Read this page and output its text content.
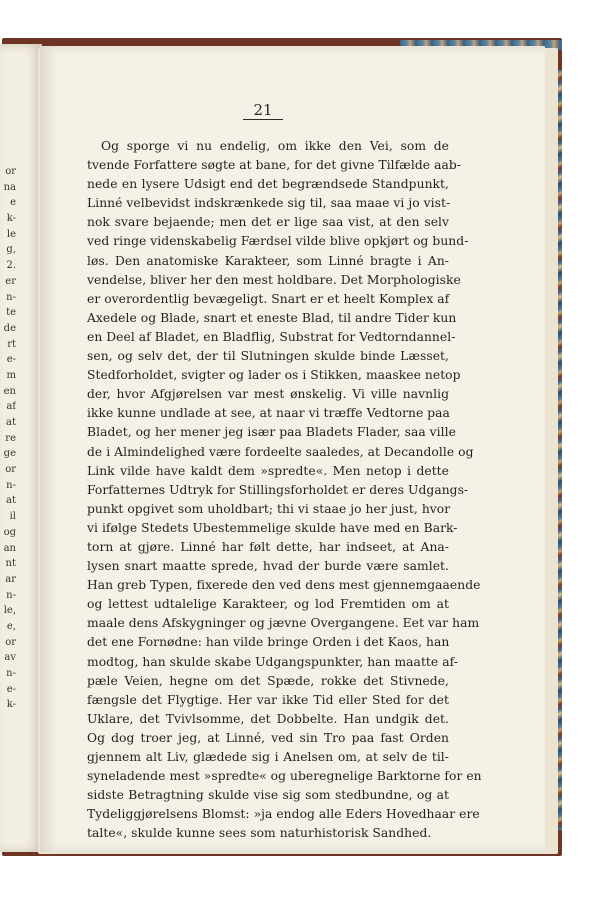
or
na
e
k-
le
g,
2.
er
n-
te
de
rt
e-
m
en
af
at
re
ge
or
n-
at
il
og
an
nt
ar
n-
le,
e,
or
av
n-
e-
k-
21
Og sporge vi nu endelig, om ikke den Vei, som de
tvende Forfattere søgte at bane, for det givne Tilfælde aab-
nede en lysere Udsigt end det begrændsede Standpunkt,
Linné velbevidst indskrænkede sig til, saa maae vi jo vist-
nok svare bejaende; men det er lige saa vist, at den selv
ved ringe videnskabelig Færdsel vilde blive opkjørt og bund-
løs. Den anatomiske Karakteer, som Linné bragte i An-
vendelse, bliver her den mest holdbare. Det Morphologiske
er overordentlig bevægeligt. Snart er et heelt Komplex af
Axedele og Blade, snart et eneste Blad, til andre Tider kun
en Deel af Bladet, en Bladflig, Substrat for Vedtorndannel-
sen, og selv det, der til Slutningen skulde binde Læsset,
Stedforholdet, svigter og lader os i Stikken, maaskee netop
der, hvor Afgjørelsen var mest ønskelig. Vi ville navnlig
ikke kunne undlade at see, at naar vi træffe Vedtorne paa
Bladet, og her mener jeg især paa Bladets Flader, saa ville
de i Almindelighed være fordeelte saaledes, at Decandolle og
Link vilde have kaldt dem »spredte«. Men netop i dette
Forfatternes Udtryk for Stillingsforholdet er deres Udgangs-
punkt opgivet som uholdbart; thi vi staae jo her just, hvor
vi ifølge Stedets Ubestemmelige skulde have med en Bark-
torn at gjøre. Linné har følt dette, har indseet, at Ana-
lysen snart maatte sprede, hvad der burde være samlet.
Han greb Typen, fixerede den ved dens mest gjennemgaaende
og lettest udtalelige Karakteer, og lod Fremtiden om at
maale dens Afskygninger og jævne Overgangene. Eet var ham
det ene Fornødne: han vilde bringe Orden i det Kaos, han
modtog, han skulde skabe Udgangspunkter, han maatte af-
pæle Veien, hegne om det Spæde, rokke det Stivnede,
fængsle det Flygtige. Her var ikke Tid eller Sted for det
Uklare, det Tvivlsomme, det Dobbelte. Han undgik det.
Og dog troer jeg, at Linné, ved sin Tro paa fast Orden
gjennem alt Liv, glædede sig i Anelsen om, at selv de til-
syneladende mest »spredte« og uberegnelige Barktorne for en
sidste Betragtning skulde vise sig som stedbundne, og at
Tydeliggjørelsens Blomst: »ja endog alle Eders Hovedhaar ere
talte«, skulde kunne sees som naturhistorisk Sandhed.
